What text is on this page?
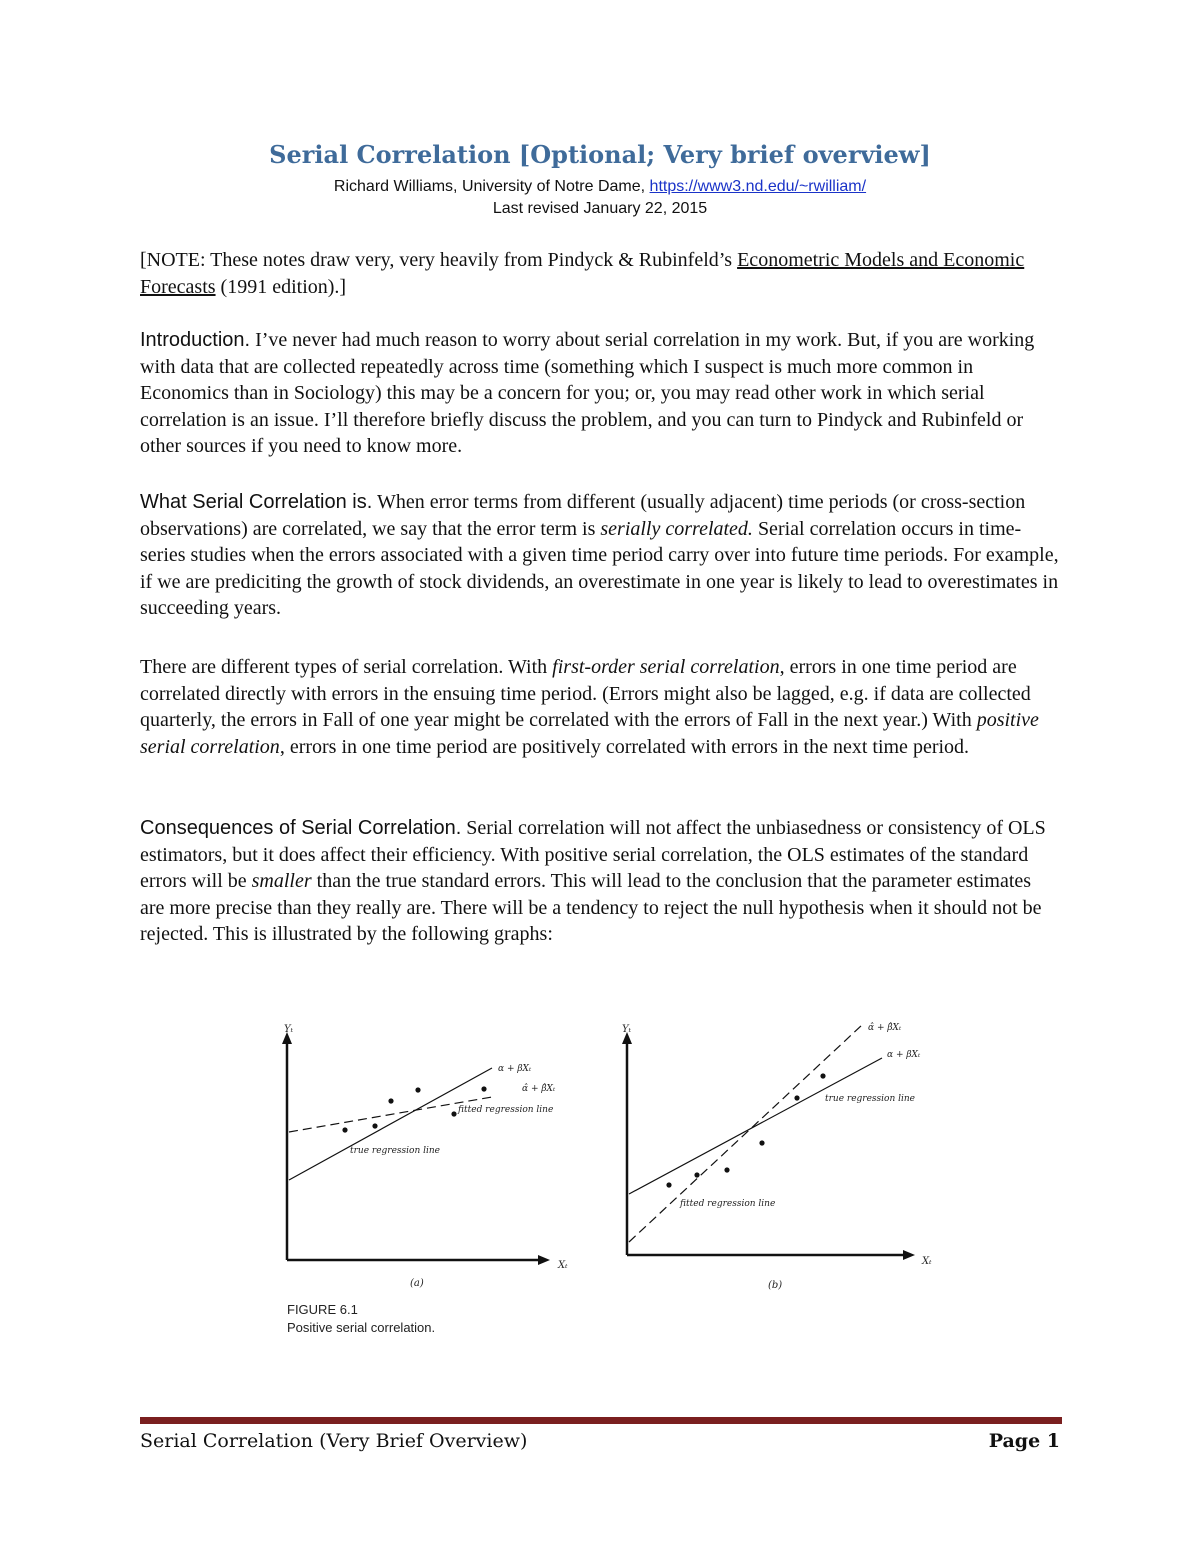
Serial Correlation [Optional; Very brief overview]
Richard Williams, University of Notre Dame, https://www3.nd.edu/~rwilliam/
Last revised January 22, 2015
[NOTE: These notes draw very, very heavily from Pindyck & Rubinfeld’s Econometric Models and Economic Forecasts (1991 edition).]
Introduction. I’ve never had much reason to worry about serial correlation in my work. But, if you are working with data that are collected repeatedly across time (something which I suspect is much more common in Economics than in Sociology) this may be a concern for you; or, you may read other work in which serial correlation is an issue. I’ll therefore briefly discuss the problem, and you can turn to Pindyck and Rubinfeld or other sources if you need to know more.
What Serial Correlation is. When error terms from different (usually adjacent) time periods (or cross-section observations) are correlated, we say that the error term is serially correlated. Serial correlation occurs in time-series studies when the errors associated with a given time period carry over into future time periods. For example, if we are prediciting the growth of stock dividends, an overestimate in one year is likely to lead to overestimates in succeeding years.
There are different types of serial correlation. With first-order serial correlation, errors in one time period are correlated directly with errors in the ensuing time period. (Errors might also be lagged, e.g. if data are collected quarterly, the errors in Fall of one year might be correlated with the errors of Fall in the next year.) With positive serial correlation, errors in one time period are positively correlated with errors in the next time period.
Consequences of Serial Correlation. Serial correlation will not affect the unbiasedness or consistency of OLS estimators, but it does affect their efficiency. With positive serial correlation, the OLS estimates of the standard errors will be smaller than the true standard errors. This will lead to the conclusion that the parameter estimates are more precise than they really are. There will be a tendency to reject the null hypothesis when it should not be rejected. This is illustrated by the following graphs:
Yₜ
Xₜ
α + βXₜ
α̂ + β̂Xₜ
fitted regression line
true regression line
(a)
Yₜ
Xₜ
α̂ + β̂Xₜ
α + βXₜ
true regression line
fitted regression line
(b)
FIGURE 6.1
Positive serial correlation.
Serial Correlation (Very Brief Overview)	Page 1
